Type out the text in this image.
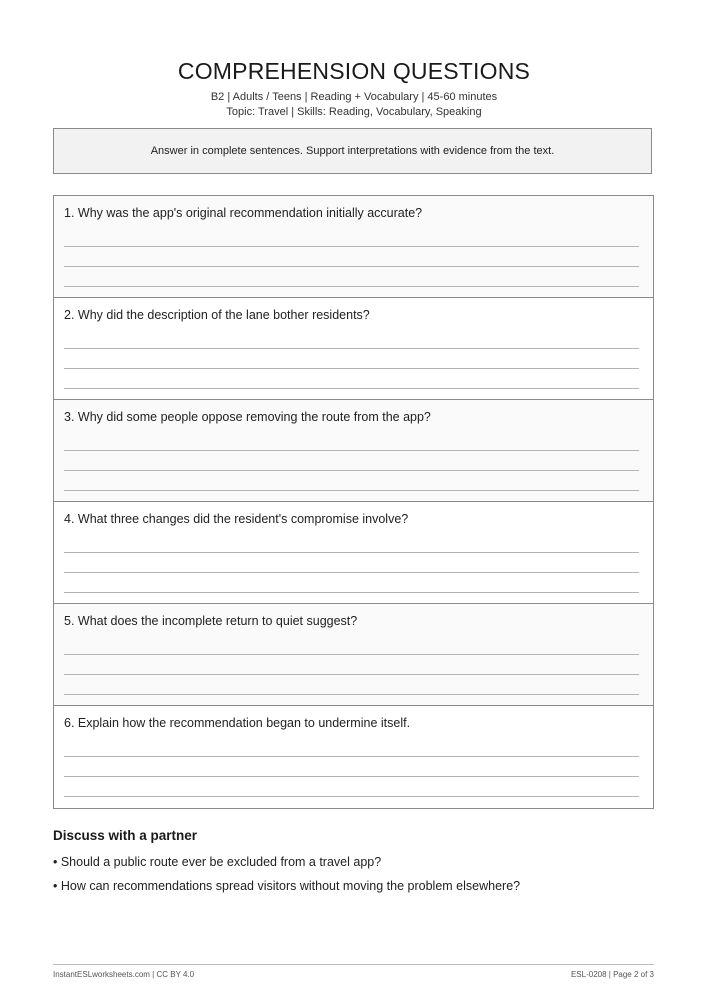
COMPREHENSION QUESTIONS
B2 | Adults / Teens | Reading + Vocabulary | 45-60 minutes
Topic: Travel | Skills: Reading, Vocabulary, Speaking
Answer in complete sentences. Support interpretations with evidence from the text.
1. Why was the app's original recommendation initially accurate?
2. Why did the description of the lane bother residents?
3. Why did some people oppose removing the route from the app?
4. What three changes did the resident's compromise involve?
5. What does the incomplete return to quiet suggest?
6. Explain how the recommendation began to undermine itself.
Discuss with a partner
• Should a public route ever be excluded from a travel app?
• How can recommendations spread visitors without moving the problem elsewhere?
InstantESLworksheets.com | CC BY 4.0	ESL-0208 | Page 2 of 3
